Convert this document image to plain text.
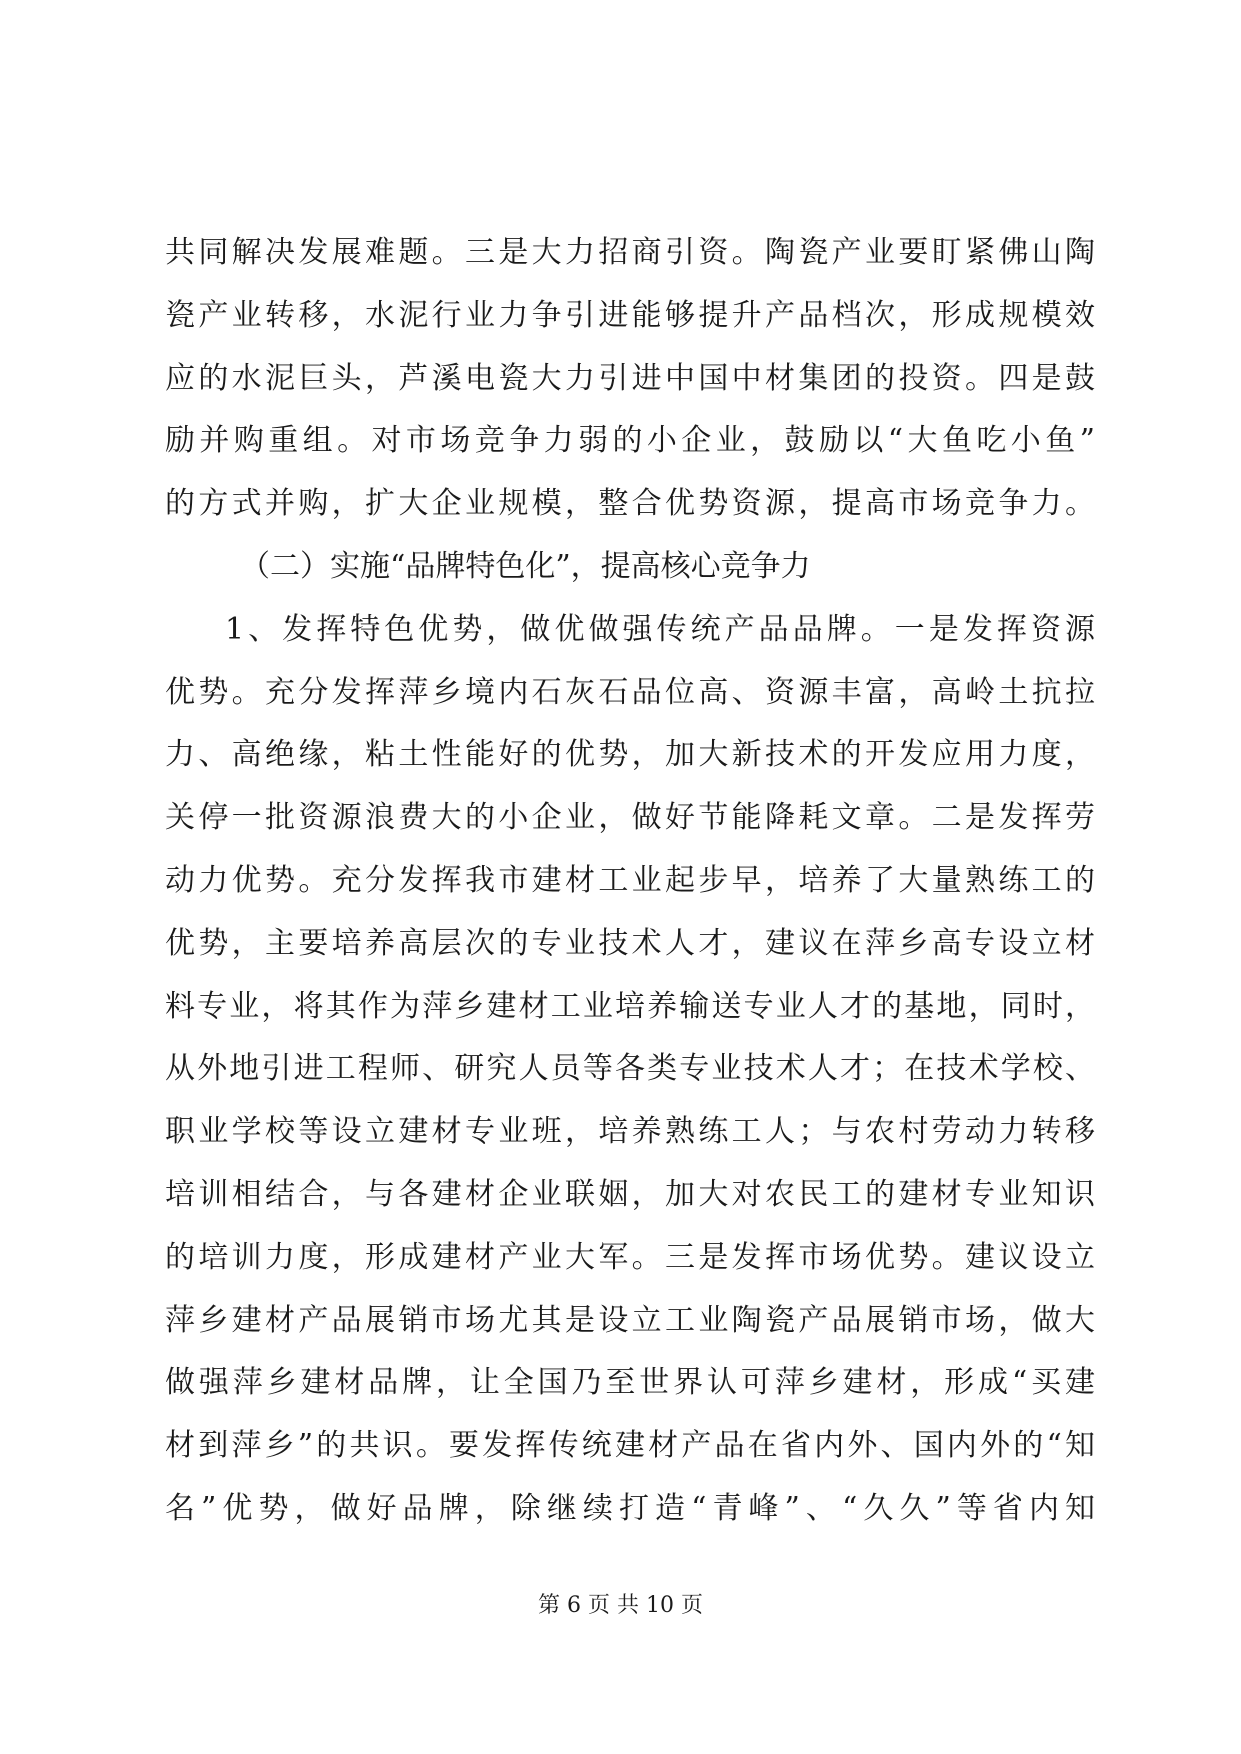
共同解决发展难题。三是大力招商引资。陶瓷产业要盯紧佛山陶
瓷产业转移，水泥行业力争引进能够提升产品档次，形成规模效
应的水泥巨头，芦溪电瓷大力引进中国中材集团的投资。四是鼓
励并购重组。对市场竞争力弱的小企业，鼓励以“大鱼吃小鱼”
的方式并购，扩大企业规模，整合优势资源，提高市场竞争力。
（二）实施“品牌特色化”，提高核心竞争力
1、发挥特色优势，做优做强传统产品品牌。一是发挥资源
优势。充分发挥萍乡境内石灰石品位高、资源丰富，高岭土抗拉
力、高绝缘，粘土性能好的优势，加大新技术的开发应用力度，
关停一批资源浪费大的小企业，做好节能降耗文章。二是发挥劳
动力优势。充分发挥我市建材工业起步早，培养了大量熟练工的
优势，主要培养高层次的专业技术人才，建议在萍乡高专设立材
料专业，将其作为萍乡建材工业培养输送专业人才的基地，同时，
从外地引进工程师、研究人员等各类专业技术人才；在技术学校、
职业学校等设立建材专业班，培养熟练工人；与农村劳动力转移
培训相结合，与各建材企业联姻，加大对农民工的建材专业知识
的培训力度，形成建材产业大军。三是发挥市场优势。建议设立
萍乡建材产品展销市场尤其是设立工业陶瓷产品展销市场，做大
做强萍乡建材品牌，让全国乃至世界认可萍乡建材，形成“买建
材到萍乡”的共识。要发挥传统建材产品在省内外、国内外的“知
名”优势，做好品牌，除继续打造“青峰”、“久久”等省内知
第 6 页 共 10 页
